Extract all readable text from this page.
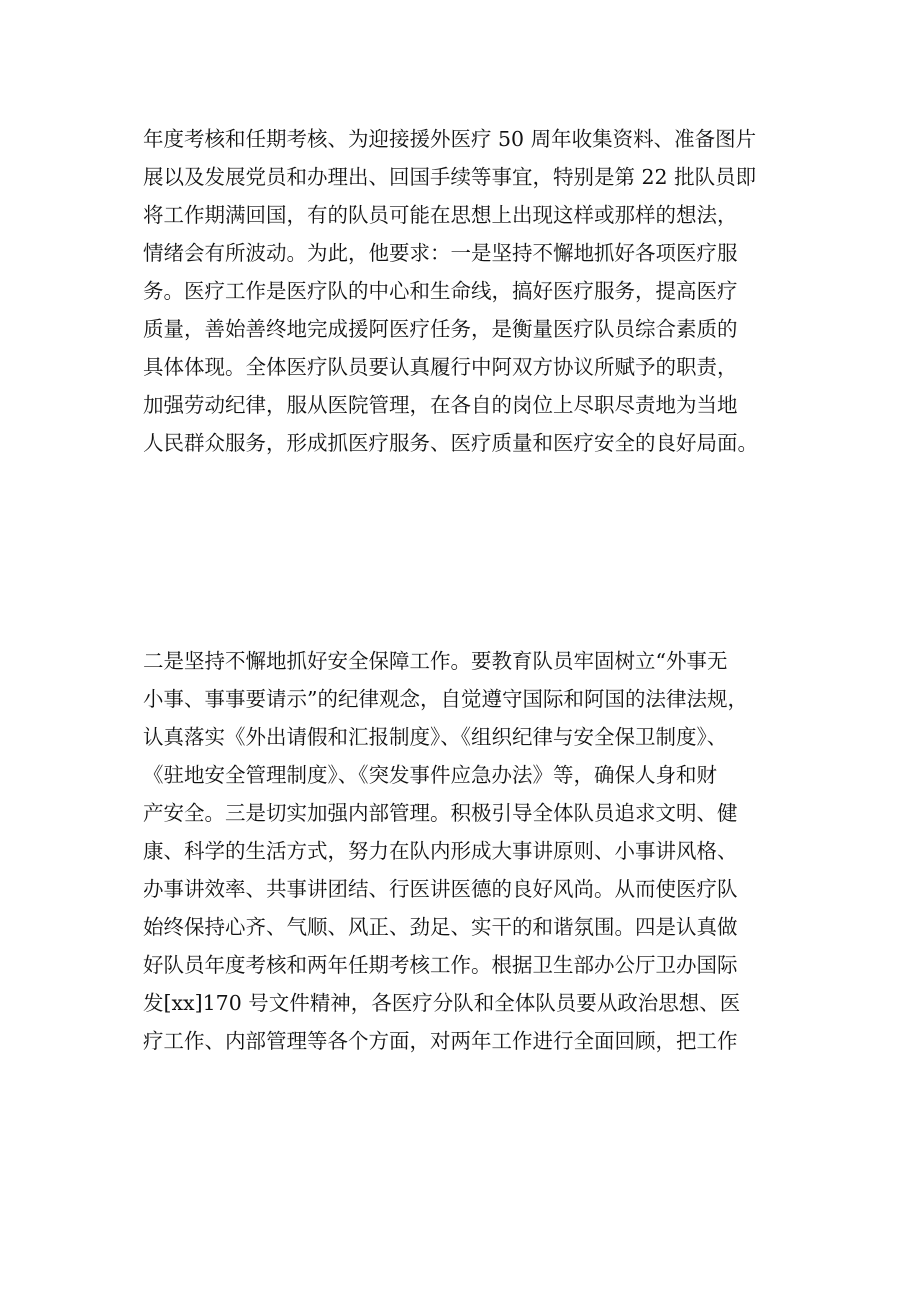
年度考核和任期考核、为迎接援外医疗 50 周年收集资料、准备图片
展以及发展党员和办理出、回国手续等事宜，特别是第 22 批队员即
将工作期满回国，有的队员可能在思想上出现这样或那样的想法，
情绪会有所波动。为此，他要求：一是坚持不懈地抓好各项医疗服
务。医疗工作是医疗队的中心和生命线，搞好医疗服务，提高医疗
质量，善始善终地完成援阿医疗任务，是衡量医疗队员综合素质的
具体体现。全体医疗队员要认真履行中阿双方协议所赋予的职责，
加强劳动纪律，服从医院管理，在各自的岗位上尽职尽责地为当地
人民群众服务，形成抓医疗服务、医疗质量和医疗安全的良好局面。
二是坚持不懈地抓好安全保障工作。要教育队员牢固树立“外事无
小事、事事要请示”的纪律观念，自觉遵守国际和阿国的法律法规，
认真落实《外出请假和汇报制度》、《组织纪律与安全保卫制度》、
《驻地安全管理制度》、《突发事件应急办法》等，确保人身和财
产安全。三是切实加强内部管理。积极引导全体队员追求文明、健
康、科学的生活方式，努力在队内形成大事讲原则、小事讲风格、
办事讲效率、共事讲团结、行医讲医德的良好风尚。从而使医疗队
始终保持心齐、气顺、风正、劲足、实干的和谐氛围。四是认真做
好队员年度考核和两年任期考核工作。根据卫生部办公厅卫办国际
发[xx]170 号文件精神，各医疗分队和全体队员要从政治思想、医
疗工作、内部管理等各个方面，对两年工作进行全面回顾，把工作
